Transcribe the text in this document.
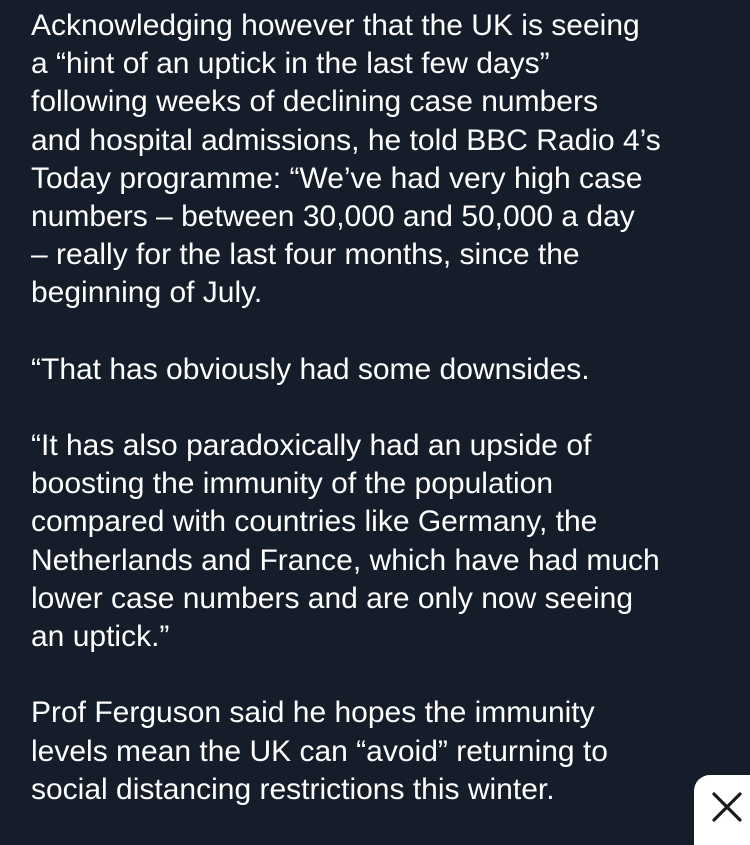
Acknowledging however that the UK is seeing
a “hint of an uptick in the last few days”
following weeks of declining case numbers
and hospital admissions, he told BBC Radio 4’s
Today programme: “We’ve had very high case
numbers – between 30,000 and 50,000 a day
– really for the last four months, since the
beginning of July.
“That has obviously had some downsides.
“It has also paradoxically had an upside of
boosting the immunity of the population
compared with countries like Germany, the
Netherlands and France, which have had much
lower case numbers and are only now seeing
an uptick.”
Prof Ferguson said he hopes the immunity
levels mean the UK can “avoid” returning to
social distancing restrictions this winter.
